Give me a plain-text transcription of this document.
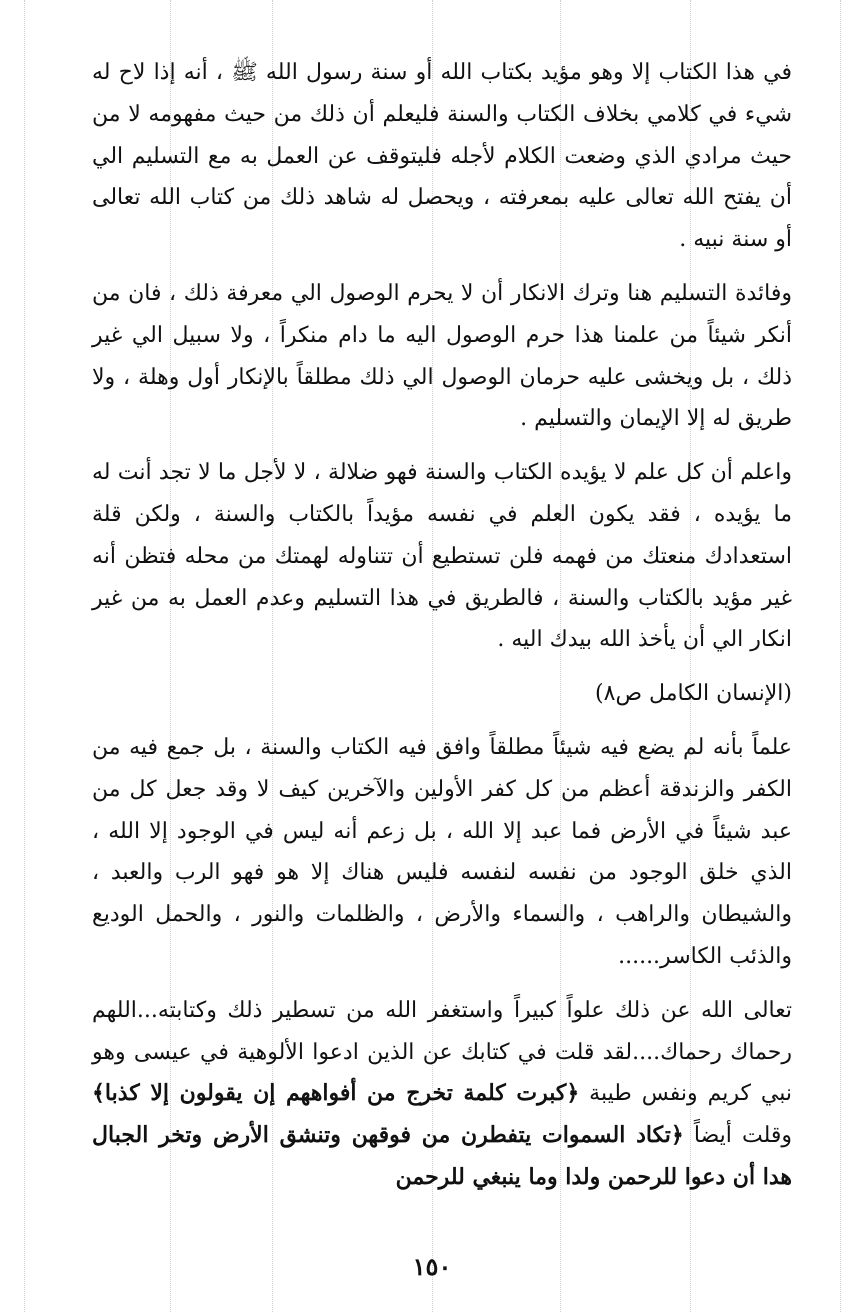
في هذا الكتاب إلا وهو مؤيد بكتاب الله أو سنة رسول الله ﷺ ، أنه إذا لاح له شيء في كلامي بخلاف الكتاب والسنة فليعلم أن ذلك من حيث مفهومه لا من حيث مرادي الذي وضعت الكلام لأجله فليتوقف عن العمل به مع التسليم الي أن يفتح الله تعالى عليه بمعرفته ، ويحصل له شاهد ذلك من كتاب الله تعالى أو سنة نبيه .

وفائدة التسليم هنا وترك الانكار أن لا يحرم الوصول الي معرفة ذلك ، فان من أنكر شيئاً من علمنا هذا حرم الوصول اليه ما دام منكراً ، ولا سبيل الي غير ذلك ، بل ويخشى عليه حرمان الوصول الي ذلك مطلقاً بالإنكار أول وهلة ، ولا طريق له إلا الإيمان والتسليم .

واعلم أن كل علم لا يؤيده الكتاب والسنة فهو ضلالة ، لا لأجل ما لا تجد أنت له ما يؤيده ، فقد يكون العلم في نفسه مؤيداً بالكتاب والسنة ، ولكن قلة استعدادك منعتك من فهمه فلن تستطيع أن تتناوله لهمتك من محله فتظن أنه غير مؤيد بالكتاب والسنة ، فالطريق في هذا التسليم وعدم العمل به من غير انكار الي أن يأخذ الله بيدك اليه .

(الإنسان الكامل ص٨)

علماً بأنه لم يضع فيه شيئاً مطلقاً وافق فيه الكتاب والسنة ، بل جمع فيه من الكفر والزندقة أعظم من كل كفر الأولين والآخرين كيف لا وقد جعل كل من عبد شيئاً في الأرض فما عبد إلا الله ، بل زعم أنه ليس في الوجود إلا الله ، الذي خلق الوجود من نفسه لنفسه فليس هناك إلا هو فهو الرب والعبد ، والشيطان والراهب ، والسماء والأرض ، والظلمات والنور ، والحمل الوديع والذئب الكاسر......

تعالى الله عن ذلك علواً كبيراً واستغفر الله من تسطير ذلك وكتابته...اللهم رحماك رحماك....لقد قلت في كتابك عن الذين ادعوا الألوهية في عيسى وهو نبي كريم ونفس طيبة ﴿كبرت كلمة تخرج من أفواههم إن يقولون إلا كذبا﴾ وقلت أيضاً ﴿تكاد السموات يتفطرن من فوقهن وتنشق الأرض وتخر الجبال هدا أن دعوا للرحمن ولدا وما ينبغي للرحمن

١٥٠
